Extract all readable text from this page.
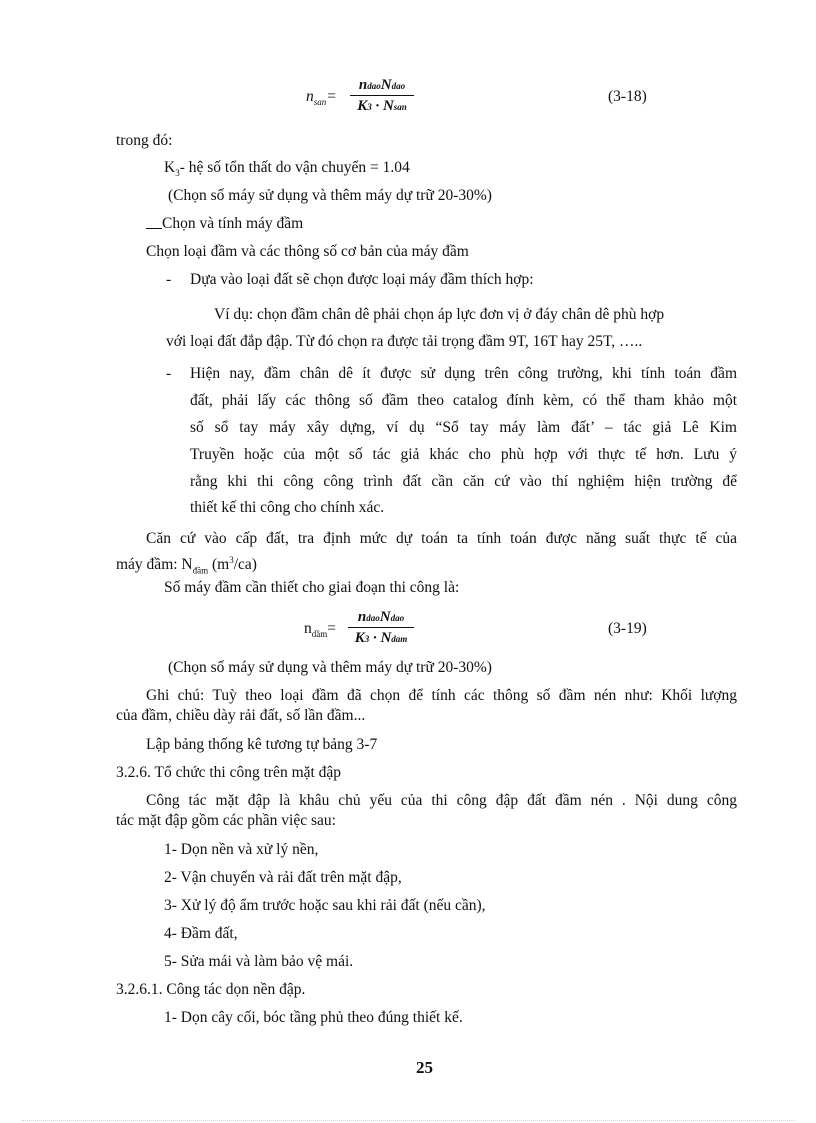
$n_{san}=$
ndaoNdao
K3 · Nsan
(3-18)
trong đó:
$K_3-$ hệ số tổn thất do vận chuyển = 1.04
(Chọn số máy sử dụng và thêm máy dự trữ 20-30%)
Chọn và tính máy đầm
Chọn loại đầm và các thông số cơ bản của máy đầm
- Dựa vào loại đất sẽ chọn được loại máy đầm thích hợp:
Ví dụ: chọn đầm chân dê phải chọn áp lực đơn vị ở đáy chân dê phù hợp
với loại đất đắp đập. Từ đó chọn ra được tải trọng đầm 9T, 16T hay 25T, …..
- Hiện nay, đầm chân dê ít được sử dụng trên công trường, khi tính toán đầm
đất, phải lấy các thông số đầm theo catalog đính kèm, có thể tham khảo một
số sổ tay máy xây dựng, ví dụ “Sổ tay máy làm đất’ – tác giả Lê Kim
Truyền hoặc của một số tác giả khác cho phù hợp với thực tế hơn. Lưu ý
rằng khi thi công công trình đất cần căn cứ vào thí nghiệm hiện trường để
thiết kế thi công cho chính xác.
Căn cứ vào cấp đất, tra định mức dự toán ta tính toán được năng suất thực tế của
máy đầm: $N_{đầm}$ $(m^3/ca)$
Số máy đầm cần thiết cho giai đoạn thi công là:
$n_{dầm}=$
ndaoNdao
K3 · Ndam
(3-19)
(Chọn số máy sử dụng và thêm máy dự trữ 20-30%)
Ghi chú: Tuỳ theo loại đầm đã chọn để tính các thông số đầm nén như: Khối lượng
của đầm, chiều dày rải đất, số lần đầm...
Lập bảng thống kê tương tự bảng 3-7
3.2.6. Tổ chức thi công trên mặt đập
Công tác mặt đập là khâu chủ yếu của thi công đập đất đầm nén . Nội dung công
tác mặt đập gồm các phần việc sau:
1- Dọn nền và xử lý nền,
2- Vận chuyển và rải đất trên mặt đập,
3- Xử lý độ ẩm trước hoặc sau khi rải đất (nếu cần),
4- Đầm đất,
5- Sửa mái và làm bảo vệ mái.
3.2.6.1. Công tác dọn nền đập.
1- Dọn cây cối, bóc tầng phủ theo đúng thiết kế.
25
